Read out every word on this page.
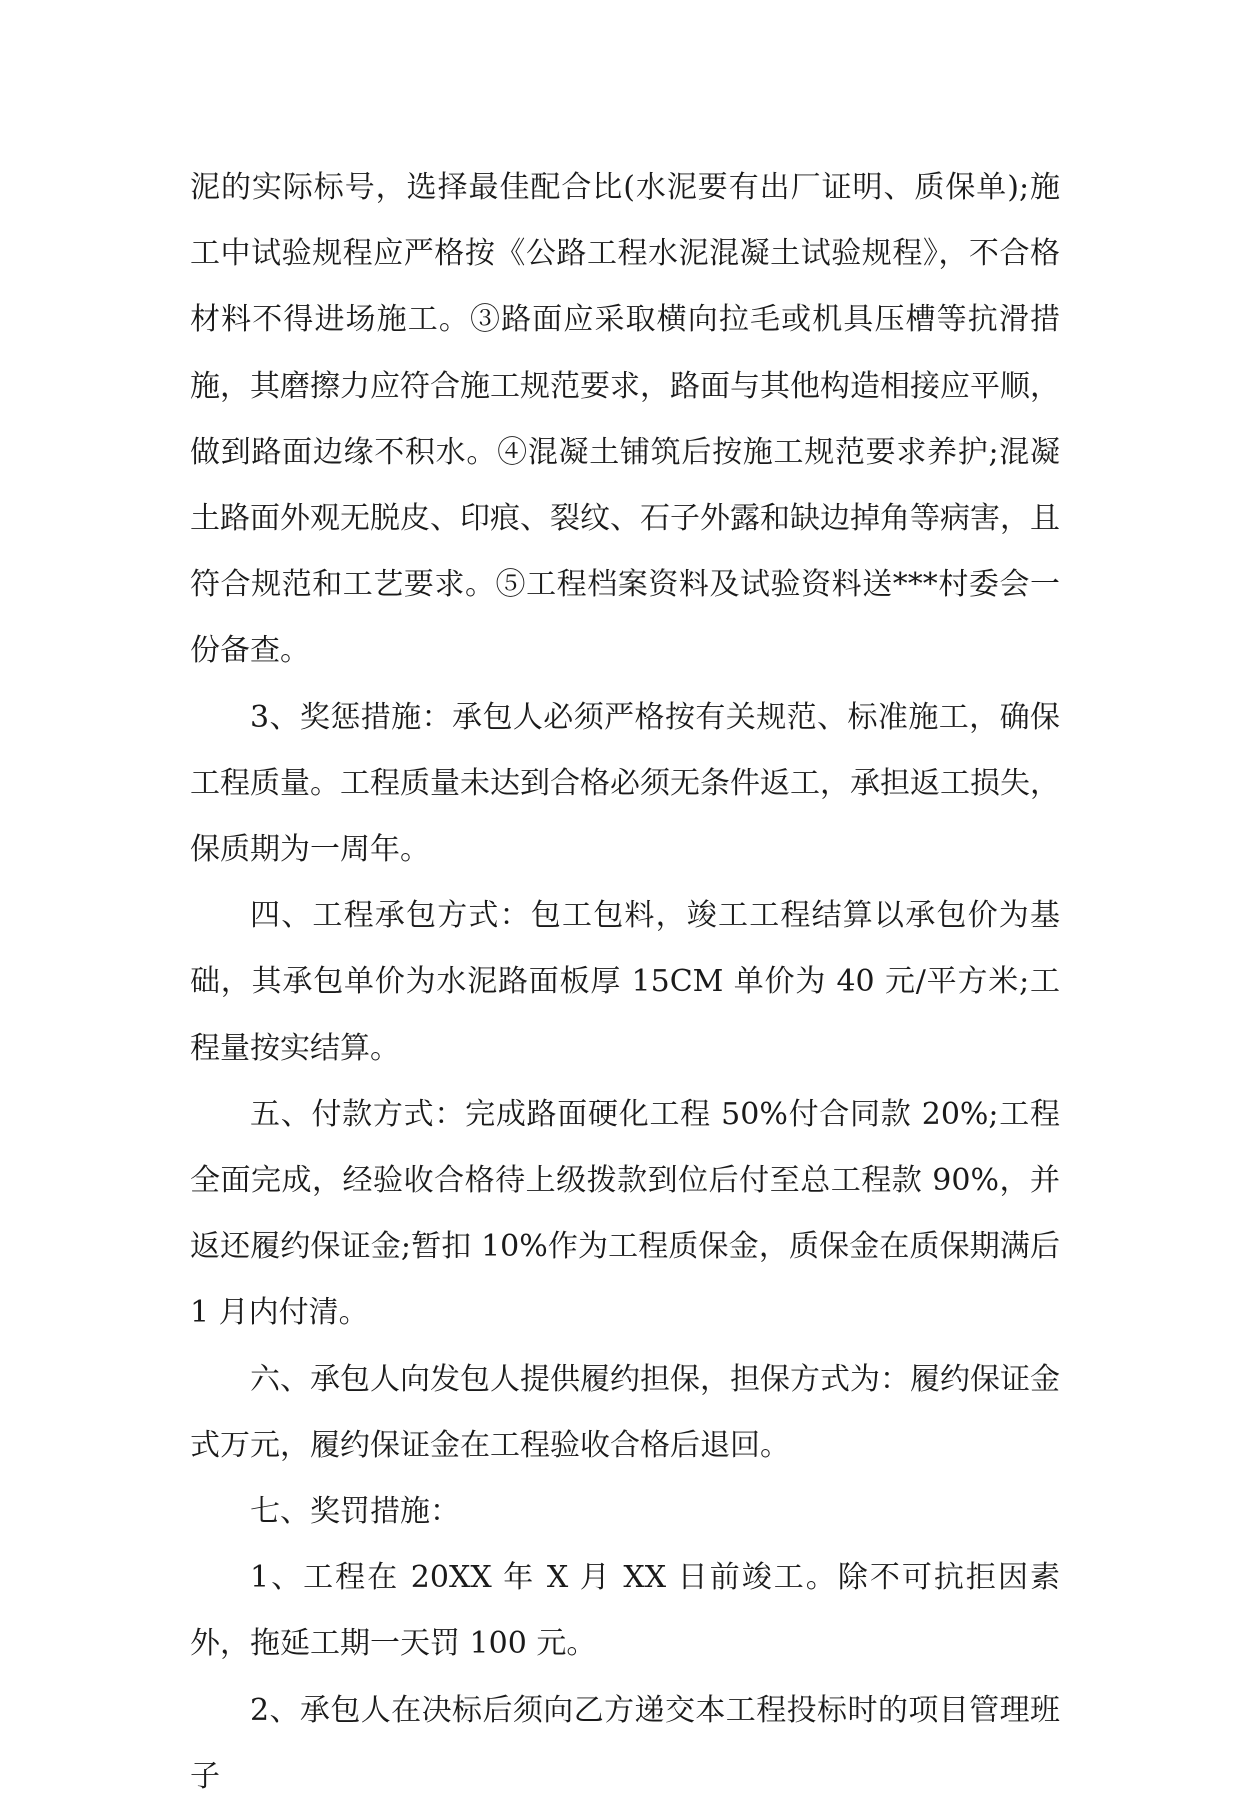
泥的实际标号，选择最佳配合比(水泥要有出厂证明、质保单);施工中试验规程应严格按《公路工程水泥混凝土试验规程》，不合格材料不得进场施工。③路面应采取横向拉毛或机具压槽等抗滑措施，其磨擦力应符合施工规范要求，路面与其他构造相接应平顺，做到路面边缘不积水。④混凝土铺筑后按施工规范要求养护;混凝土路面外观无脱皮、印痕、裂纹、石子外露和缺边掉角等病害，且符合规范和工艺要求。⑤工程档案资料及试验资料送***村委会一份备查。

3、奖惩措施：承包人必须严格按有关规范、标准施工，确保工程质量。工程质量未达到合格必须无条件返工，承担返工损失，保质期为一周年。

四、工程承包方式：包工包料，竣工工程结算以承包价为基础，其承包单价为水泥路面板厚 15CM 单价为 40 元/平方米;工程量按实结算。

五、付款方式：完成路面硬化工程 50%付合同款 20%;工程全面完成，经验收合格待上级拨款到位后付至总工程款 90%，并返还履约保证金;暂扣 10%作为工程质保金，质保金在质保期满后 1 月内付清。

六、承包人向发包人提供履约担保，担保方式为：履约保证金式万元，履约保证金在工程验收合格后退回。

七、奖罚措施：

1、工程在 20XX 年 X 月 XX 日前竣工。除不可抗拒因素外，拖延工期一天罚 100 元。

2、承包人在决标后须向乙方递交本工程投标时的项目管理班子
